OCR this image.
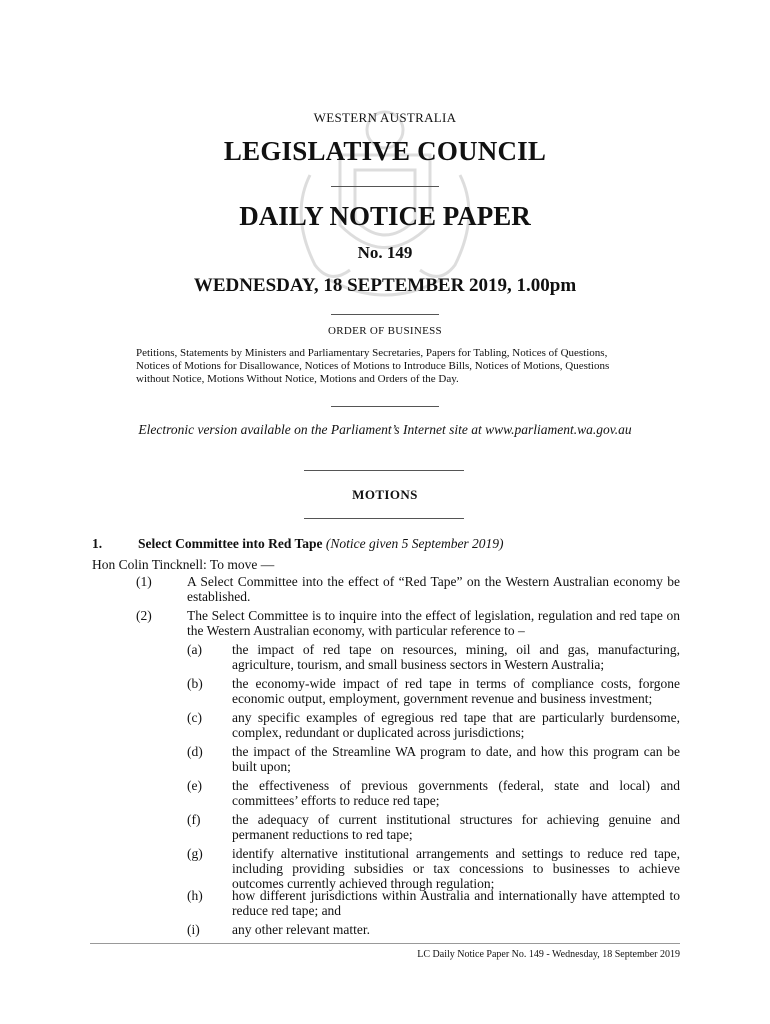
WESTERN AUSTRALIA
LEGISLATIVE COUNCIL
DAILY NOTICE PAPER
No. 149
WEDNESDAY, 18 SEPTEMBER 2019, 1.00pm
ORDER OF BUSINESS
Petitions, Statements by Ministers and Parliamentary Secretaries, Papers for Tabling, Notices of Questions, Notices of Motions for Disallowance, Notices of Motions to Introduce Bills, Notices of Motions, Questions without Notice, Motions Without Notice, Motions and Orders of the Day.
Electronic version available on the Parliament’s Internet site at www.parliament.wa.gov.au
MOTIONS
1.	Select Committee into Red Tape (Notice given 5 September 2019)
Hon Colin Tincknell: To move —
(1)	A Select Committee into the effect of “Red Tape” on the Western Australian economy be established.
(2)	The Select Committee is to inquire into the effect of legislation, regulation and red tape on the Western Australian economy, with particular reference to –
(a) the impact of red tape on resources, mining, oil and gas, manufacturing, agriculture, tourism, and small business sectors in Western Australia;
(b) the economy-wide impact of red tape in terms of compliance costs, forgone economic output, employment, government revenue and business investment;
(c) any specific examples of egregious red tape that are particularly burdensome, complex, redundant or duplicated across jurisdictions;
(d) the impact of the Streamline WA program to date, and how this program can be built upon;
(e) the effectiveness of previous governments (federal, state and local) and committees’ efforts to reduce red tape;
(f) the adequacy of current institutional structures for achieving genuine and permanent reductions to red tape;
(g) identify alternative institutional arrangements and settings to reduce red tape, including providing subsidies or tax concessions to businesses to achieve outcomes currently achieved through regulation;
(h) how different jurisdictions within Australia and internationally have attempted to reduce red tape; and
(i) any other relevant matter.
LC Daily Notice Paper No. 149 - Wednesday, 18 September 2019
